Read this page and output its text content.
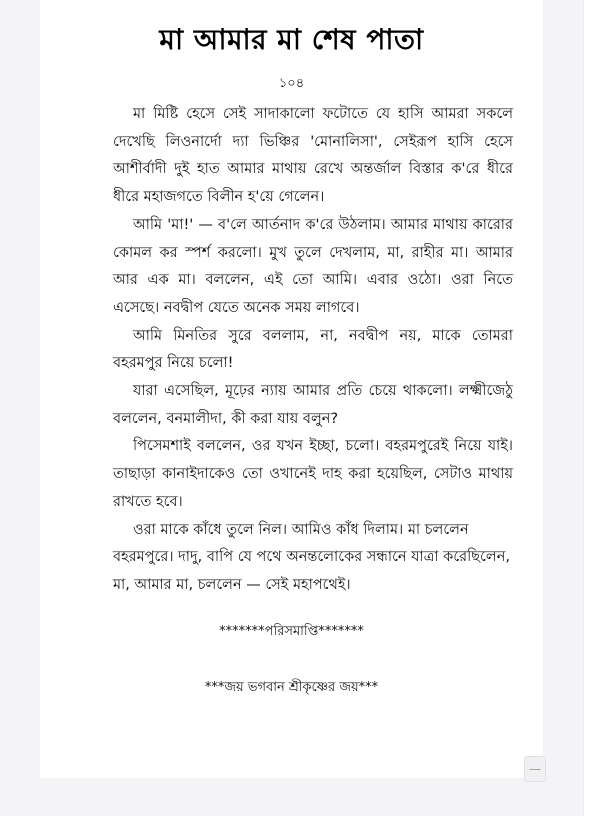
মা আমার মা শেষ পাতা
১০৪

মা মিষ্টি হেসে সেই সাদাকালো ফটোতে যে হাসি আমরা সকলে দেখেছি লিওনার্দো দ্যা ভিঞ্চির 'মোনালিসা', সেইরূপ হাসি হেসে আশীর্বাদী দুই হাত আমার মাথায় রেখে অন্তর্জাল বিস্তার ক'রে ধীরে ধীরে মহাজগতে বিলীন হ'য়ে গেলেন।

আমি 'মা!' — ব'লে আর্তনাদ ক'রে উঠলাম। আমার মাথায় কারোর কোমল কর স্পর্শ করলো। মুখ তুলে দেখলাম, মা, রাহীর মা। আমার আর এক মা। বললেন, এই তো আমি। এবার ওঠো। ওরা নিতে এসেছে। নবদ্বীপ যেতে অনেক সময় লাগবে।

আমি মিনতির সুরে বললাম, না, নবদ্বীপ নয়, মাকে তোমরা বহরমপুর নিয়ে চলো!

যারা এসেছিল, মূঢ়ের ন্যায় আমার প্রতি চেয়ে থাকলো। লক্ষ্মীজেঠু বললেন, বনমালীদা, কী করা যায় বলুন?

পিসেমশাই বললেন, ওর যখন ইচ্ছা, চলো। বহরমপুরেই নিয়ে যাই। তাছাড়া কানাইদাকেও তো ওখানেই দাহ করা হয়েছিল, সেটাও মাথায় রাখতে হবে।

ওরা মাকে কাঁধে তুলে নিল। আমিও কাঁধ দিলাম। মা চললেন বহরমপুরে। দাদু, বাপি যে পথে অনন্তলোকের সন্ধানে যাত্রা করেছিলেন, মা, আমার মা, চললেন — সেই মহাপথেই।

*******পরিসমাপ্তি*******
***জয় ভগবান শ্রীকৃষ্ণের জয়***
—
